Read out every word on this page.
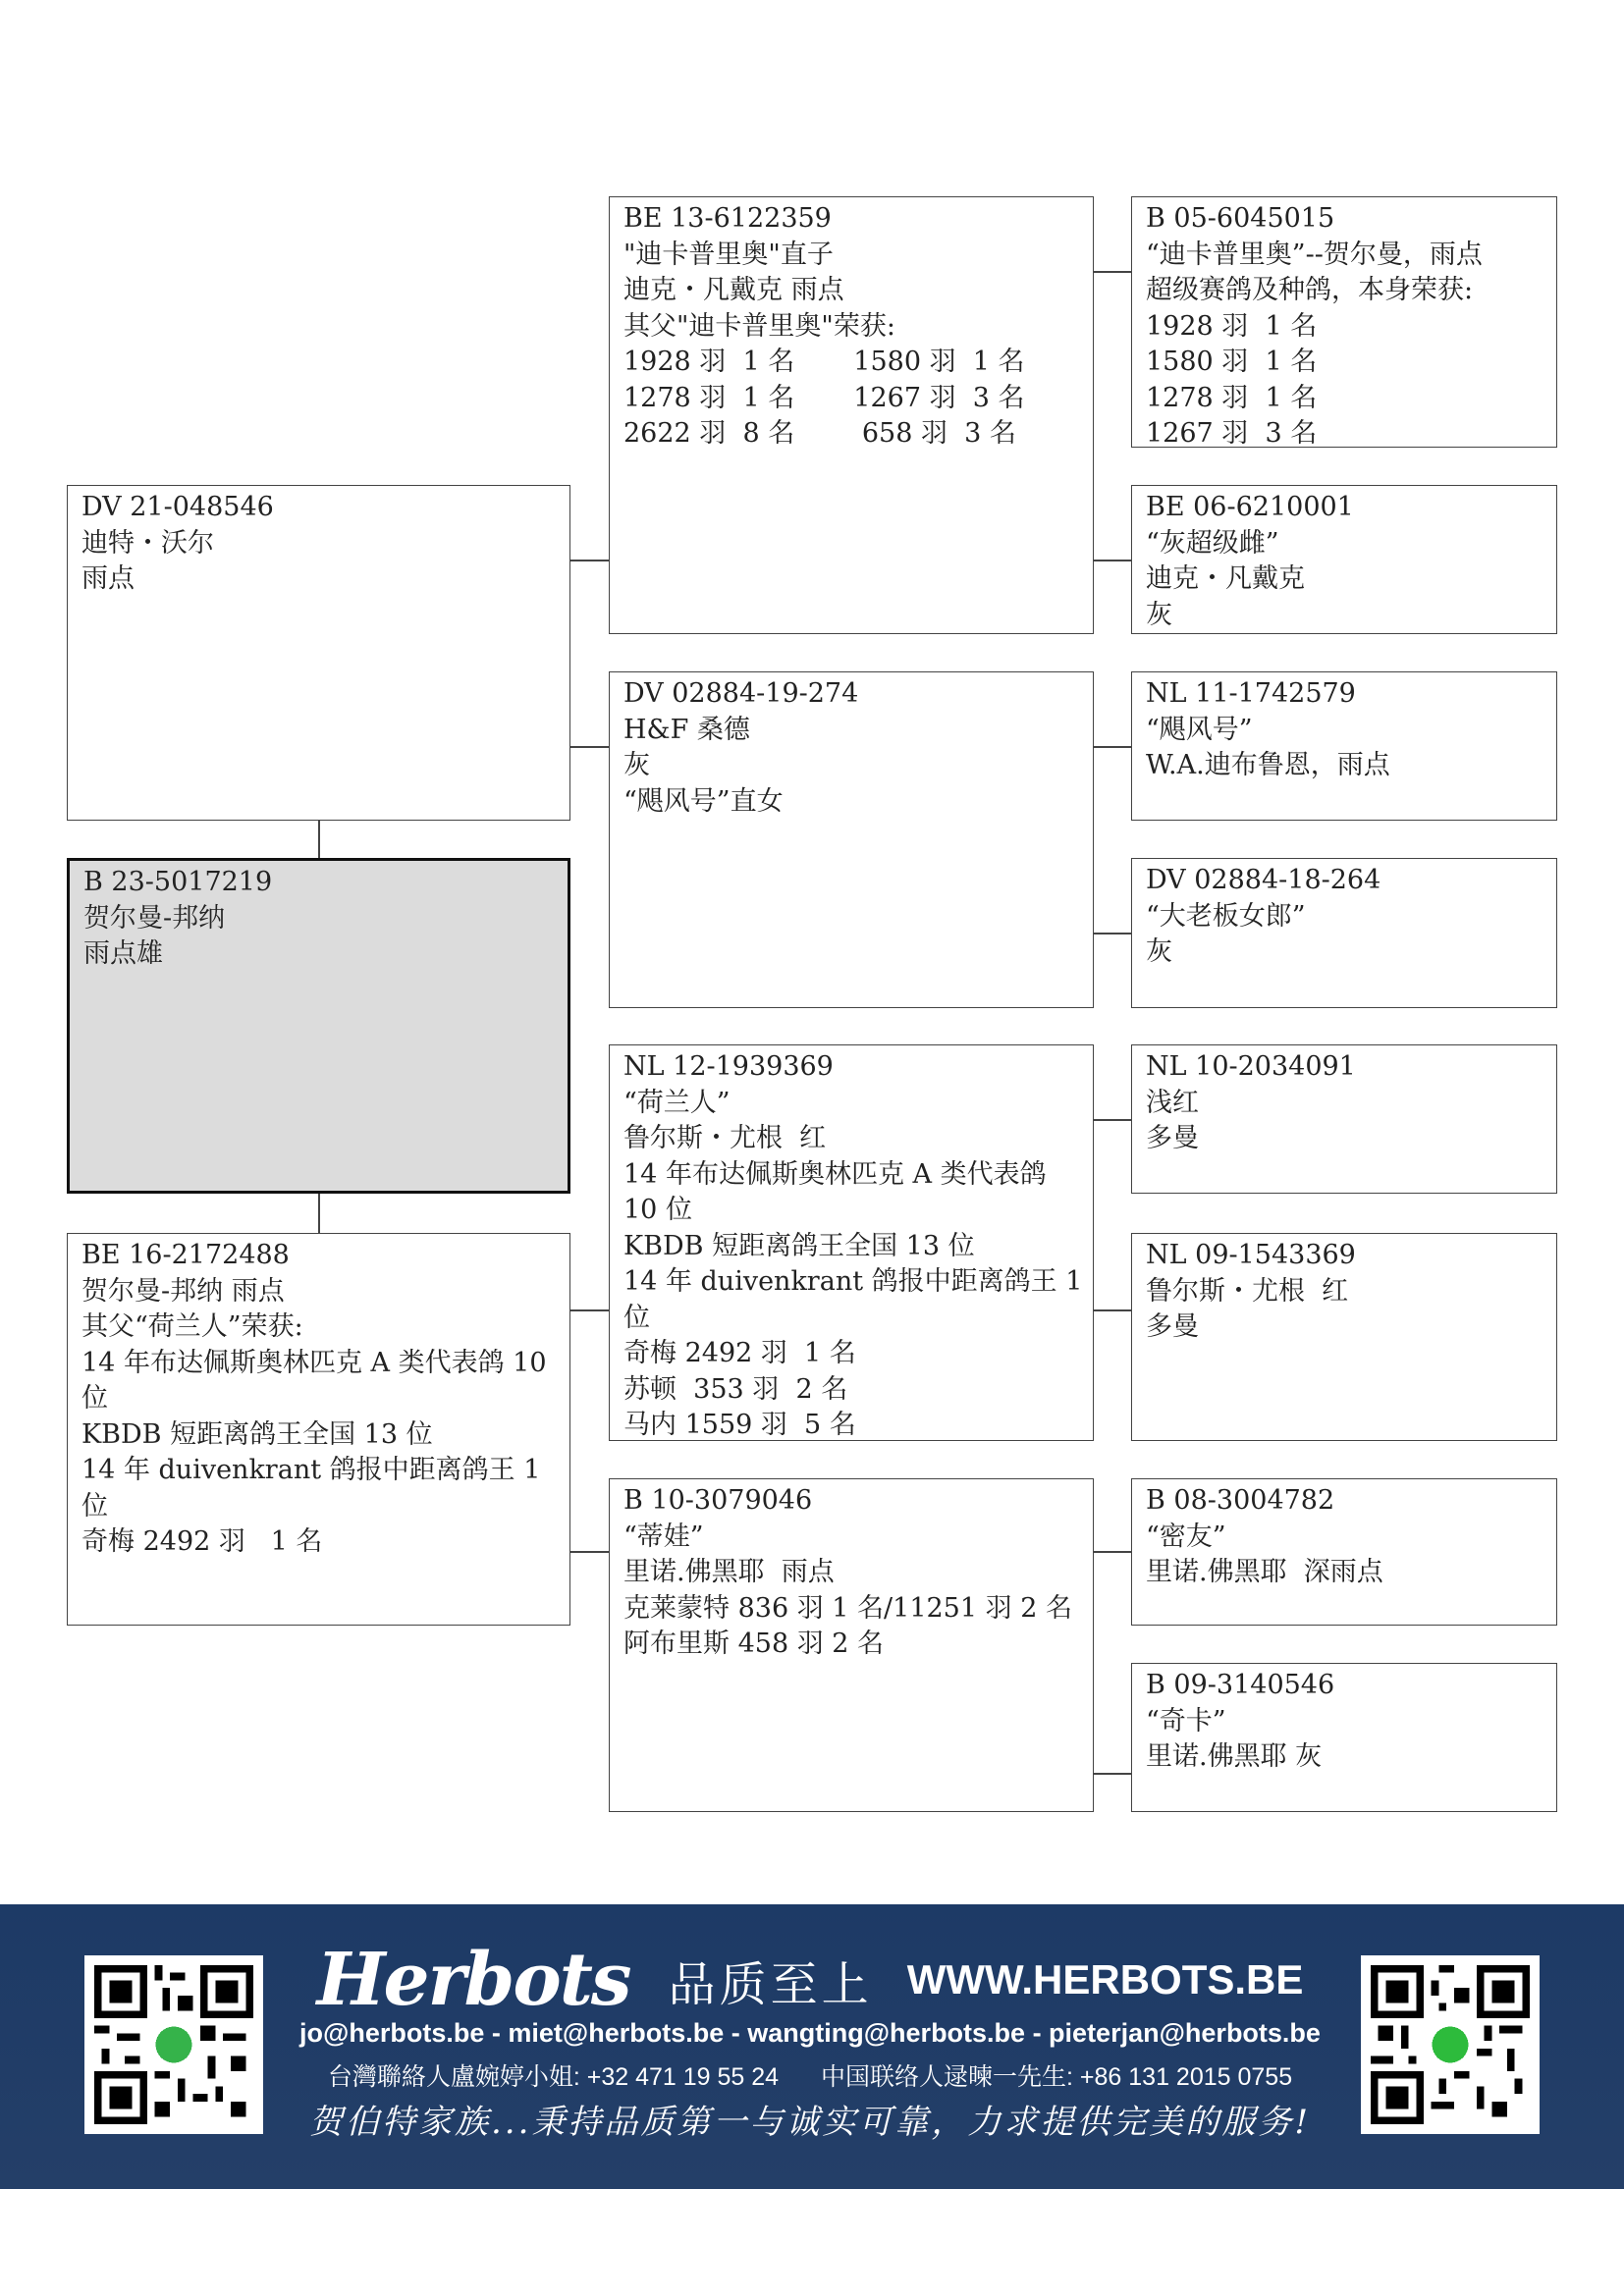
B 23-5017219
贺尔曼-邦纳
雨点雄
DV 21-048546
迪特・沃尔
雨点
BE 16-2172488
贺尔曼-邦纳 雨点
其父“荷兰人”荣获:
14 年布达佩斯奥林匹克 A 类代表鸽 10
位
KBDB 短距离鸽王全国 13 位
14 年 duivenkrant 鸽报中距离鸽王 1
位
奇梅 2492 羽   1 名
BE 13-6122359
"迪卡普里奥"直子
迪克・凡戴克 雨点
其父"迪卡普里奥"荣获:
1928 羽  1 名       1580 羽  1 名
1278 羽  1 名       1267 羽  3 名
2622 羽  8 名        658 羽  3 名
DV 02884-19-274
H&F 桑德
灰
“飓风号”直女
NL 12-1939369
“荷兰人”
鲁尔斯・尤根  红
14 年布达佩斯奥林匹克 A 类代表鸽
10 位
KBDB 短距离鸽王全国 13 位
14 年 duivenkrant 鸽报中距离鸽王 1
位
奇梅 2492 羽  1 名
苏顿  353 羽  2 名
马内 1559 羽  5 名
B 10-3079046
“蒂娃”
里诺.佛黑耶  雨点
克莱蒙特 836 羽 1 名/11251 羽 2 名
阿布里斯 458 羽 2 名
B 05-6045015
“迪卡普里奥”--贺尔曼，雨点
超级赛鸽及种鸽，本身荣获:
1928 羽  1 名
1580 羽  1 名
1278 羽  1 名
1267 羽  3 名
BE 06-6210001
“灰超级雌”
迪克・凡戴克
灰
NL 11-1742579
“飓风号”
W.A.迪布鲁恩，雨点
DV 02884-18-264
“大老板女郎”
灰
NL 10-2034091
浅红
多曼
NL 09-1543369
鲁尔斯・尤根  红
多曼
B 08-3004782
“密友”
里诺.佛黑耶  深雨点
B 09-3140546
“奇卡”
里诺.佛黑耶 灰
Herbots 品质至上 WWW.HERBOTS.BE
jo@herbots.be - miet@herbots.be - wangting@herbots.be - pieterjan@herbots.be
台灣聯絡人盧婉婷小姐: +32 471 19 55 24 中国联络人逯暕一先生: +86 131 2015 0755
贺伯特家族...秉持品质第一与诚实可靠，力求提供完美的服务!
